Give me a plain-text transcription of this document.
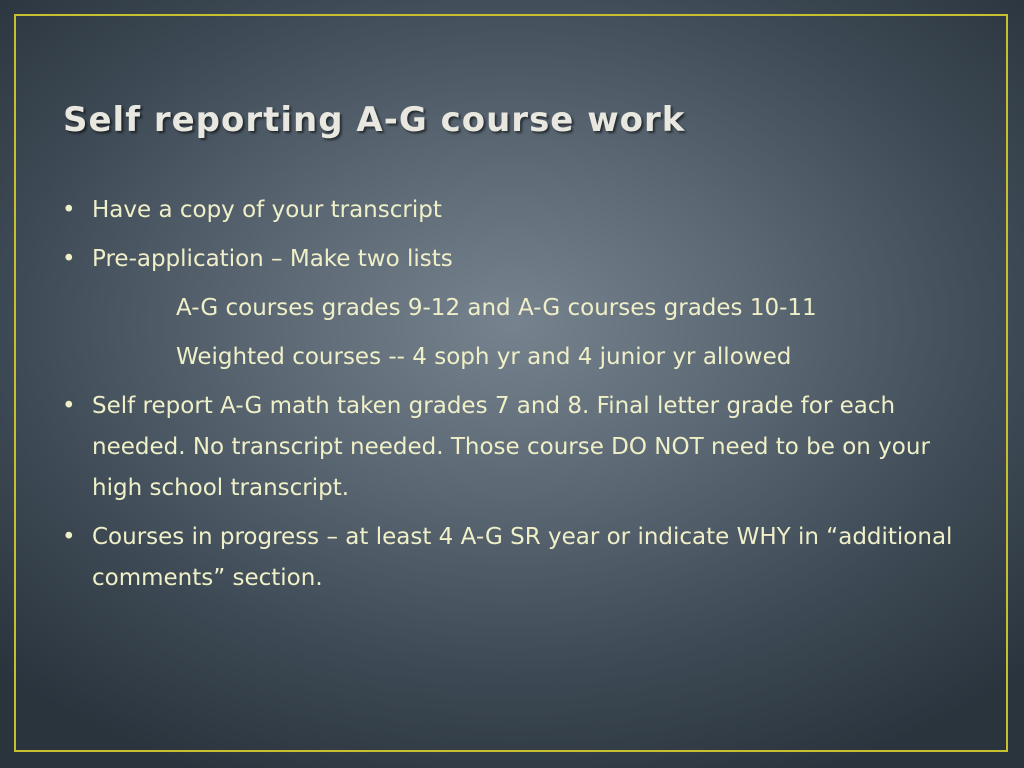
Self reporting A-G course work
• Have a copy of your transcript
• Pre-application – Make two lists
A-G courses grades 9-12 and A-G courses grades 10-11
Weighted courses -- 4 soph yr and 4 junior yr allowed
• Self report A-G math taken grades 7 and 8. Final letter grade for each needed. No transcript needed. Those course DO NOT need to be on your high school transcript.
• Courses in progress – at least 4 A-G SR year or indicate WHY in “additional comments” section.
